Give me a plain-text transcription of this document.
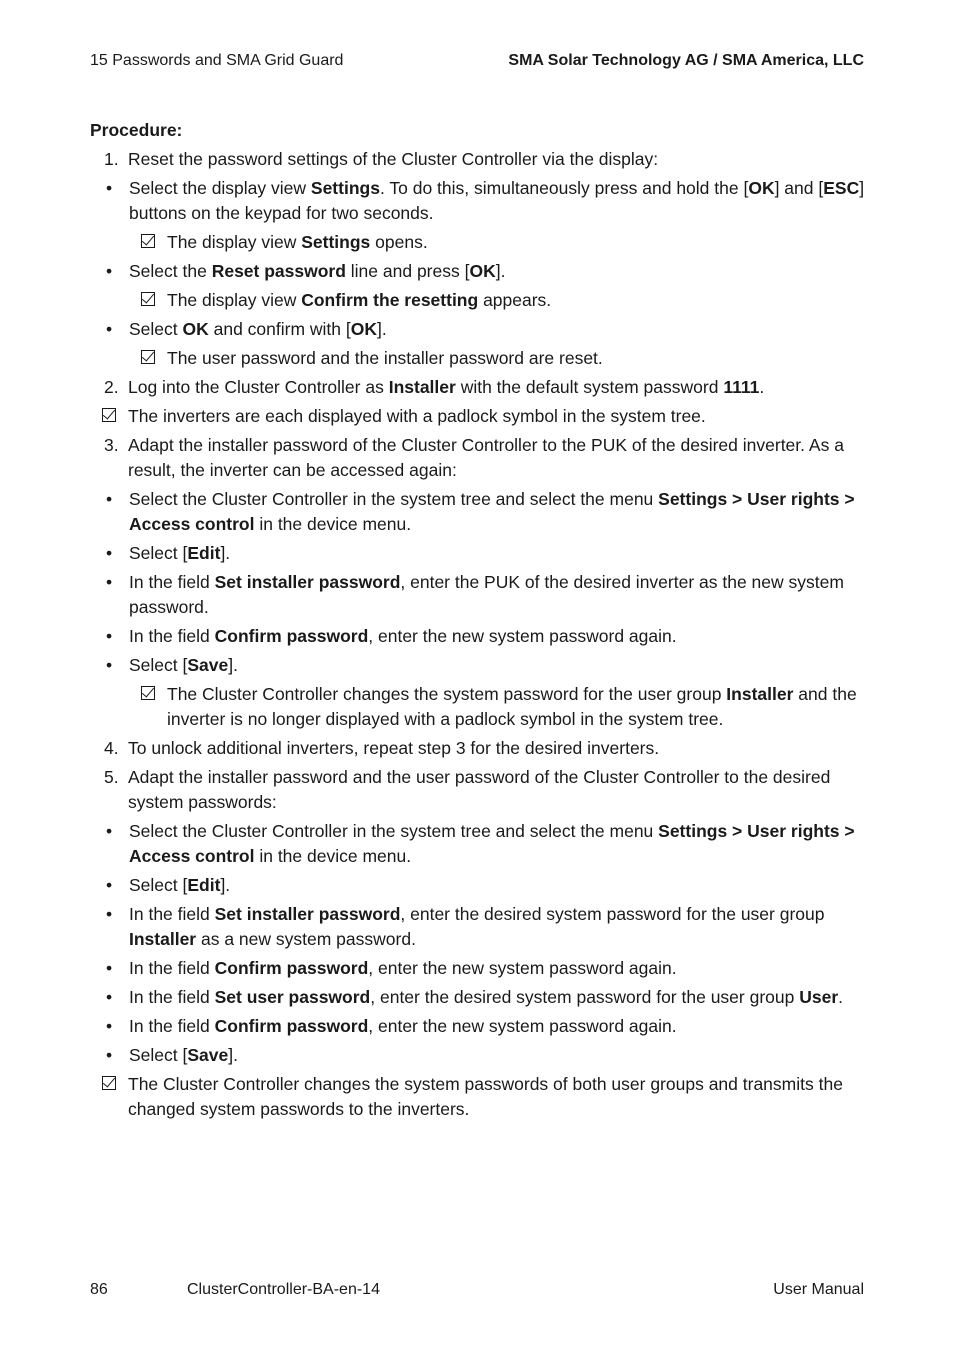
15 Passwords and SMA Grid Guard	SMA Solar Technology AG / SMA America, LLC
Procedure:
1. Reset the password settings of the Cluster Controller via the display:
• Select the display view Settings. To do this, simultaneously press and hold the [OK] and [ESC] buttons on the keypad for two seconds.
The display view Settings opens.
• Select the Reset password line and press [OK].
The display view Confirm the resetting appears.
• Select OK and confirm with [OK].
The user password and the installer password are reset.
2. Log into the Cluster Controller as Installer with the default system password 1111.
The inverters are each displayed with a padlock symbol in the system tree.
3. Adapt the installer password of the Cluster Controller to the PUK of the desired inverter. As a result, the inverter can be accessed again:
• Select the Cluster Controller in the system tree and select the menu Settings > User rights > Access control in the device menu.
• Select [Edit].
• In the field Set installer password, enter the PUK of the desired inverter as the new system password.
• In the field Confirm password, enter the new system password again.
• Select [Save].
The Cluster Controller changes the system password for the user group Installer and the inverter is no longer displayed with a padlock symbol in the system tree.
4. To unlock additional inverters, repeat step 3 for the desired inverters.
5. Adapt the installer password and the user password of the Cluster Controller to the desired system passwords:
• Select the Cluster Controller in the system tree and select the menu Settings > User rights > Access control in the device menu.
• Select [Edit].
• In the field Set installer password, enter the desired system password for the user group Installer as a new system password.
• In the field Confirm password, enter the new system password again.
• In the field Set user password, enter the desired system password for the user group User.
• In the field Confirm password, enter the new system password again.
• Select [Save].
The Cluster Controller changes the system passwords of both user groups and transmits the changed system passwords to the inverters.
86	ClusterController-BA-en-14	User Manual
